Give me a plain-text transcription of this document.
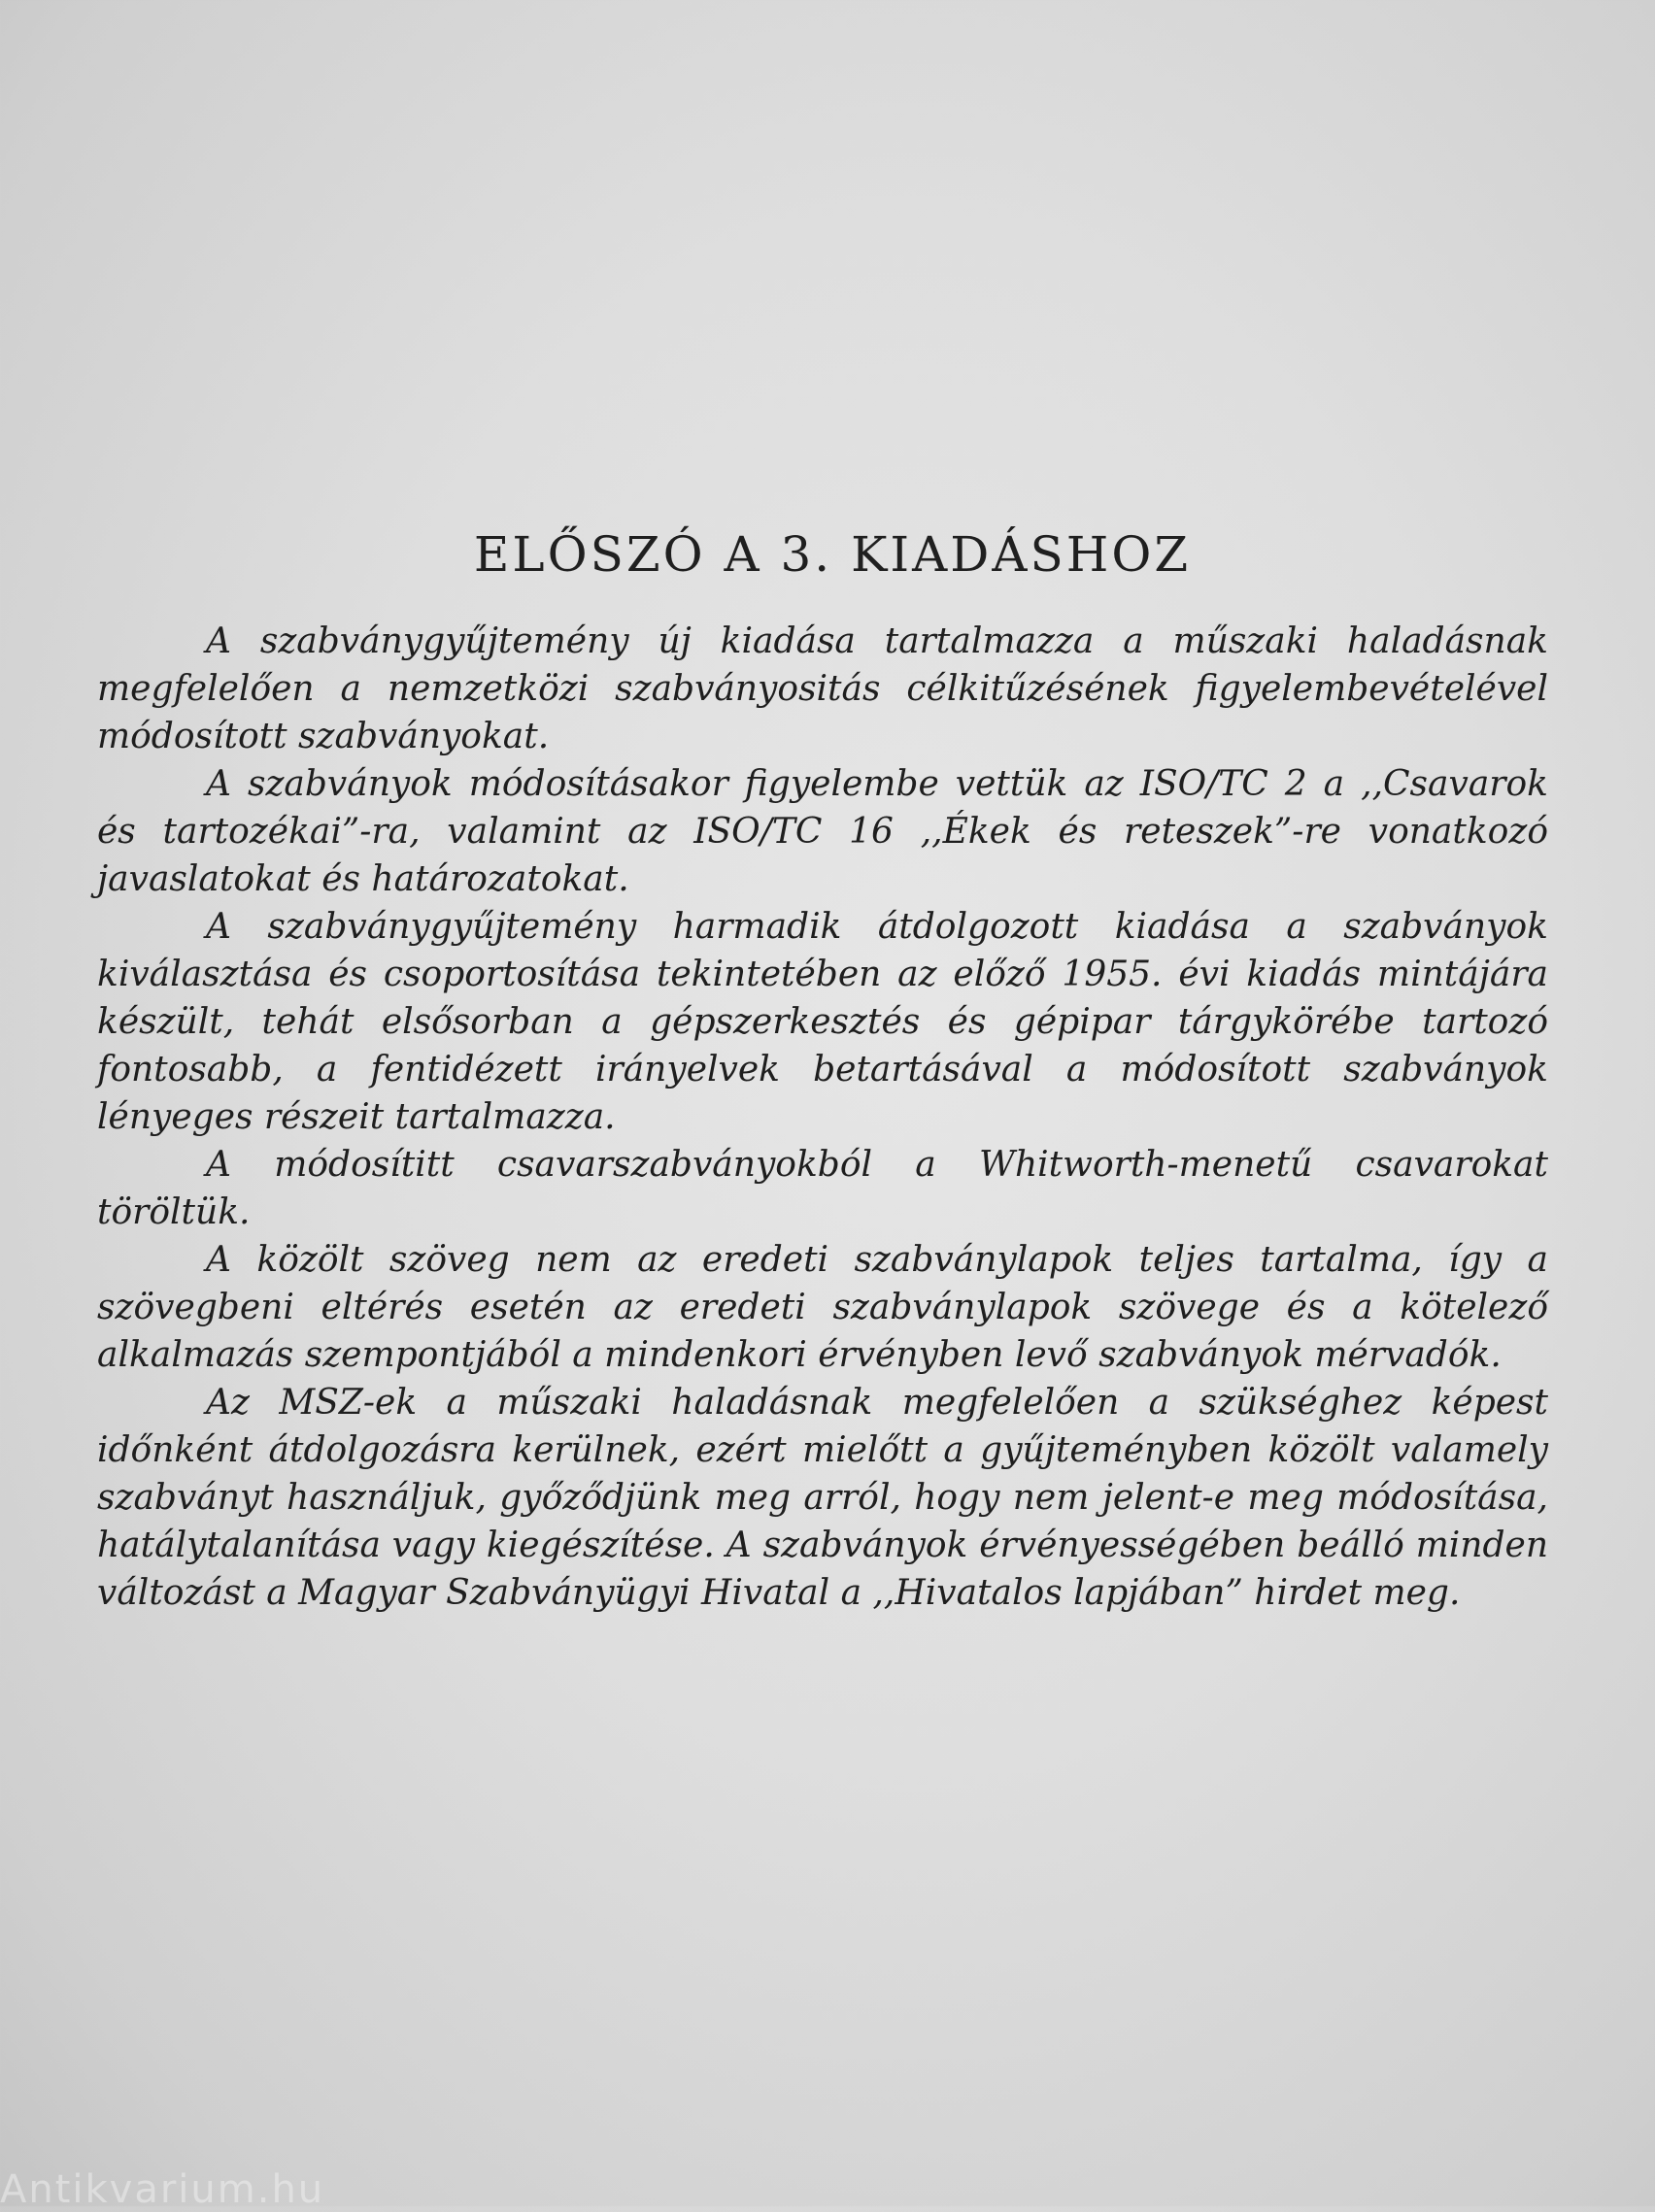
ELŐSZÓ A 3. KIADÁSHOZ

A szabványgyűjtemény új kiadása tartalmazza a műszaki haladásnak megfelelően a nemzetközi szabványositás célkitűzésének figyelembevételével módosított szabványokat.

A szabványok módosításakor figyelembe vettük az ISO/TC 2 a ,,Csavarok és tartozékai”-ra, valamint az ISO/TC 16 ,,Ékek és reteszek”-re vonatkozó javaslatokat és határozatokat.

A szabványgyűjtemény harmadik átdolgozott kiadása a szabványok kiválasztása és csoportosítása tekintetében az előző 1955. évi kiadás mintájára készült, tehát elsősorban a gépszerkesztés és gépipar tárgykörébe tartozó fontosabb, a fentidézett irányelvek betartásával a módosított szabványok lényeges részeit tartalmazza.

A módosítitt csavarszabványokból a Whitworth-menetű csavarokat töröltük.

A közölt szöveg nem az eredeti szabványlapok teljes tartalma, így a szövegbeni eltérés esetén az eredeti szabványlapok szövege és a kötelező alkalmazás szempontjából a mindenkori érvényben levő szabványok mérvadók.

Az MSZ-ek a műszaki haladásnak megfelelően a szükséghez képest időnként átdolgozásra kerülnek, ezért mielőtt a gyűjteményben közölt valamely szabványt használjuk, győződjünk meg arról, hogy nem jelent-e meg módosítása, hatálytalanítása vagy kiegészítése. A szabványok érvényességében beálló minden változást a Magyar Szabványügyi Hivatal a ,,Hivatalos lapjában” hirdet meg.

Antikvarium.hu
